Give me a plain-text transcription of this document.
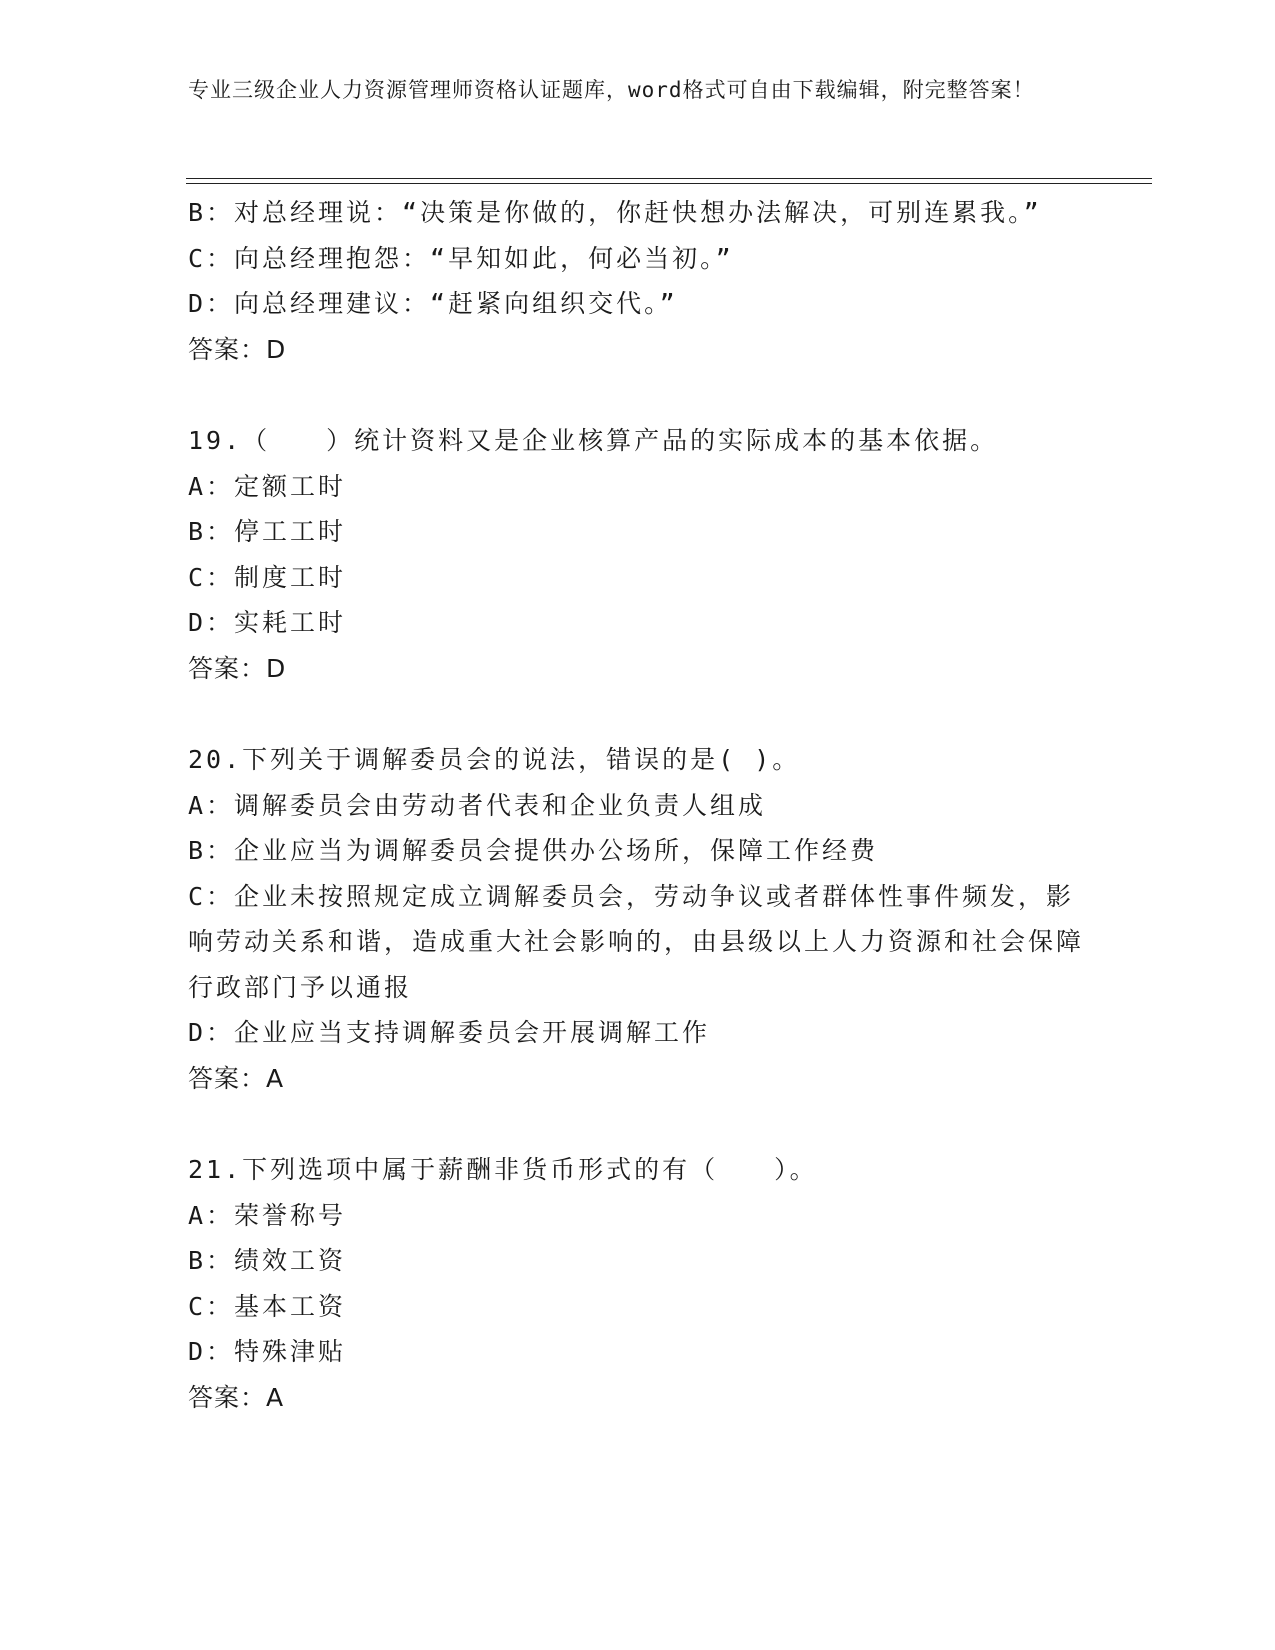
专业三级企业人力资源管理师资格认证题库，word格式可自由下载编辑，附完整答案！
B：对总经理说：“决策是你做的，你赶快想办法解决，可别连累我。”
C：向总经理抱怨：“早知如此，何必当初。”
D：向总经理建议：“赶紧向组织交代。”
答案：D
19.（　　）统计资料又是企业核算产品的实际成本的基本依据。
A：定额工时
B：停工工时
C：制度工时
D：实耗工时
答案：D
20.下列关于调解委员会的说法，错误的是( )。
A：调解委员会由劳动者代表和企业负责人组成
B：企业应当为调解委员会提供办公场所，保障工作经费
C：企业未按照规定成立调解委员会，劳动争议或者群体性事件频发，影响劳动关系和谐，造成重大社会影响的，由县级以上人力资源和社会保障行政部门予以通报
D：企业应当支持调解委员会开展调解工作
答案：A
21.下列选项中属于薪酬非货币形式的有（　　）。
A：荣誉称号
B：绩效工资
C：基本工资
D：特殊津贴
答案：A
